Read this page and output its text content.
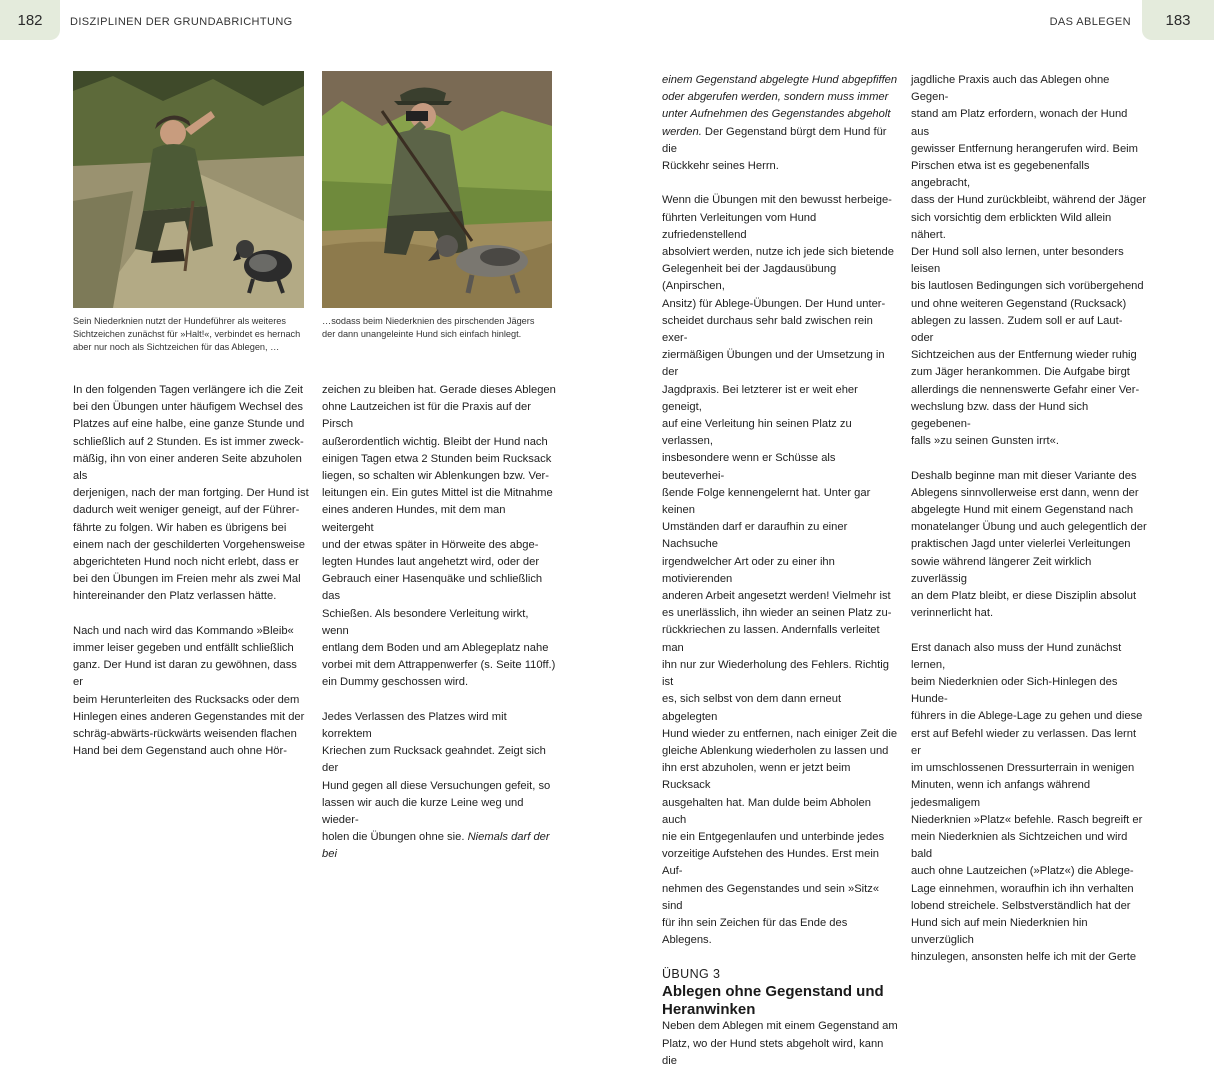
182	DISZIPLINEN DER GRUNDABRICHTUNG	DAS ABLEGEN	183
Sein Niederknien nutzt der Hundeführer als weiteres
Sichtzeichen zunächst für »Halt!«, verbindet es hernach
aber nur noch als Sichtzeichen für das Ablegen, …
…sodass beim Niederknien des pirschenden Jägers
der dann unangeleinte Hund sich einfach hinlegt.

In den folgenden Tagen verlängere ich die Zeit
bei den Übungen unter häufigem Wechsel des
Platzes auf eine halbe, eine ganze Stunde und
schließlich auf 2 Stunden. Es ist immer zweck-
mäßig, ihn von einer anderen Seite abzuholen als
derjenigen, nach der man fortging. Der Hund ist
dadurch weit weniger geneigt, auf der Führer-
fährte zu folgen. Wir haben es übrigens bei
einem nach der geschilderten Vorgehensweise
abgerichteten Hund noch nicht erlebt, dass er
bei den Übungen im Freien mehr als zwei Mal
hintereinander den Platz verlassen hätte.

Nach und nach wird das Kommando »Bleib«
immer leiser gegeben und entfällt schließlich
ganz. Der Hund ist daran zu gewöhnen, dass er
beim Herunterleiten des Rucksacks oder dem
Hinlegen eines anderen Gegenstandes mit der
schräg-abwärts-rückwärts weisenden flachen
Hand bei dem Gegenstand auch ohne Hör-

zeichen zu bleiben hat. Gerade dieses Ablegen
ohne Lautzeichen ist für die Praxis auf der Pirsch
außerordentlich wichtig. Bleibt der Hund nach
einigen Tagen etwa 2 Stunden beim Rucksack
liegen, so schalten wir Ablenkungen bzw. Ver-
leitungen ein. Ein gutes Mittel ist die Mitnahme
eines anderen Hundes, mit dem man weitergeht
und der etwas später in Hörweite des abge-
legten Hundes laut angehetzt wird, oder der
Gebrauch einer Hasenquäke und schließlich das
Schießen. Als besondere Verleitung wirkt, wenn
entlang dem Boden und am Ablegeplatz nahe
vorbei mit dem Attrappenwerfer (s. Seite 110ff.)
ein Dummy geschossen wird.

Jedes Verlassen des Platzes wird mit korrektem
Kriechen zum Rucksack geahndet. Zeigt sich der
Hund gegen all diese Versuchungen gefeit, so
lassen wir auch die kurze Leine weg und wieder-
holen die Übungen ohne sie. Niemals darf der bei

einem Gegenstand abgelegte Hund abgepfiffen
oder abgerufen werden, sondern muss immer
unter Aufnehmen des Gegenstandes abgeholt
werden. Der Gegenstand bürgt dem Hund für die
Rückkehr seines Herrn.

Wenn die Übungen mit den bewusst herbeige-
führten Verleitungen vom Hund zufriedenstellend
absolviert werden, nutze ich jede sich bietende
Gelegenheit bei der Jagdausübung (Anpirschen,
Ansitz) für Ablege-Übungen. Der Hund unter-
scheidet durchaus sehr bald zwischen rein exer-
ziermäßigen Übungen und der Umsetzung in der
Jagdpraxis. Bei letzterer ist er weit eher geneigt,
auf eine Verleitung hin seinen Platz zu verlassen,
insbesondere wenn er Schüsse als beuteverhei-
ßende Folge kennengelernt hat. Unter gar keinen
Umständen darf er daraufhin zu einer Nachsuche
irgendwelcher Art oder zu einer ihn motivierenden
anderen Arbeit angesetzt werden! Vielmehr ist
es unerlässlich, ihn wieder an seinen Platz zu-
rückkriechen zu lassen. Andernfalls verleitet man
ihn nur zur Wiederholung des Fehlers. Richtig ist
es, sich selbst von dem dann erneut abgelegten
Hund wieder zu entfernen, nach einiger Zeit die
gleiche Ablenkung wiederholen zu lassen und
ihn erst abzuholen, wenn er jetzt beim Rucksack
ausgehalten hat. Man dulde beim Abholen auch
nie ein Entgegenlaufen und unterbinde jedes
vorzeitige Aufstehen des Hundes. Erst mein Auf-
nehmen des Gegenstandes und sein »Sitz« sind
für ihn sein Zeichen für das Ende des Ablegens.

ÜBUNG 3
Ablegen ohne Gegenstand und
Heranwinken

Neben dem Ablegen mit einem Gegenstand am
Platz, wo der Hund stets abgeholt wird, kann die

jagdliche Praxis auch das Ablegen ohne Gegen-
stand am Platz erfordern, wonach der Hund aus
gewisser Entfernung herangerufen wird. Beim
Pirschen etwa ist es gegebenenfalls angebracht,
dass der Hund zurückbleibt, während der Jäger
sich vorsichtig dem erblickten Wild allein nähert.
Der Hund soll also lernen, unter besonders leisen
bis lautlosen Bedingungen sich vorübergehend
und ohne weiteren Gegenstand (Rucksack)
ablegen zu lassen. Zudem soll er auf Laut- oder
Sichtzeichen aus der Entfernung wieder ruhig
zum Jäger herankommen. Die Aufgabe birgt
allerdings die nennenswerte Gefahr einer Ver-
wechslung bzw. dass der Hund sich gegebenen-
falls »zu seinen Gunsten irrt«.

Deshalb beginne man mit dieser Variante des
Ablegens sinnvollerweise erst dann, wenn der
abgelegte Hund mit einem Gegenstand nach
monatelanger Übung und auch gelegentlich der
praktischen Jagd unter vielerlei Verleitungen
sowie während längerer Zeit wirklich zuverlässig
an dem Platz bleibt, er diese Disziplin absolut
verinnerlicht hat.

Erst danach also muss der Hund zunächst lernen,
beim Niederknien oder Sich-Hinlegen des Hunde-
führers in die Ablege-Lage zu gehen und diese
erst auf Befehl wieder zu verlassen. Das lernt er
im umschlossenen Dressurterrain in wenigen
Minuten, wenn ich anfangs während jedesmaligem
Niederknien »Platz« befehle. Rasch begreift er
mein Niederknien als Sichtzeichen und wird bald
auch ohne Lautzeichen (»Platz«) die Ablege-
Lage einnehmen, woraufhin ich ihn verhalten
lobend streichele. Selbstverständlich hat der
Hund sich auf mein Niederknien hin unverzüglich
hinzulegen, ansonsten helfe ich mit der Gerte
